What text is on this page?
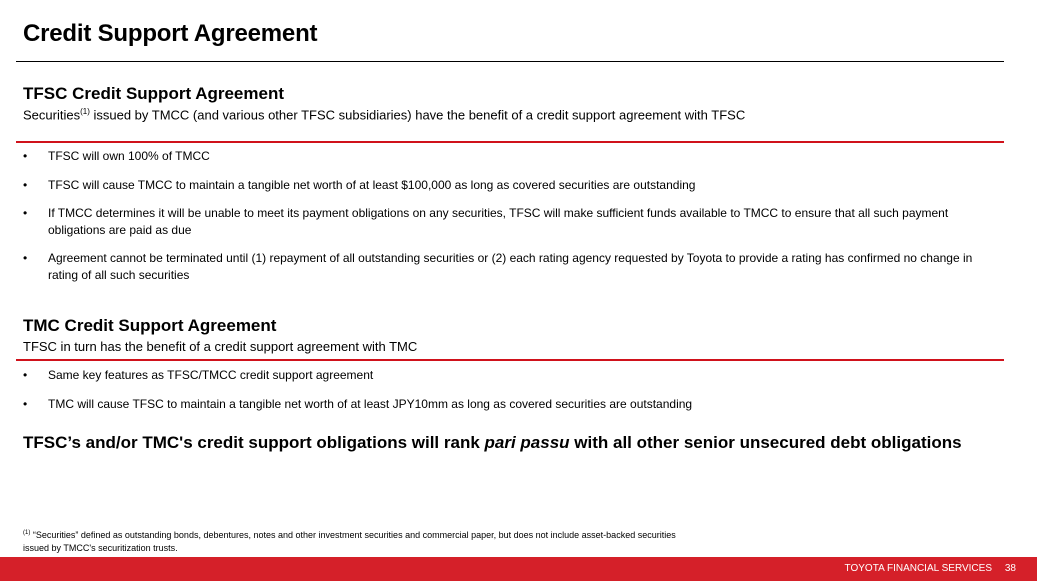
Credit Support Agreement
TFSC Credit Support Agreement
Securities$^{(1)}$ issued by TMCC (and various other TFSC subsidiaries) have the benefit of a credit support agreement with TFSC
• TFSC will own 100% of TMCC
• TFSC will cause TMCC to maintain a tangible net worth of at least $100,000 as long as covered securities are outstanding
• If TMCC determines it will be unable to meet its payment obligations on any securities, TFSC will make sufficient funds available to TMCC to ensure that all such payment obligations are paid as due
• Agreement cannot be terminated until (1) repayment of all outstanding securities or (2) each rating agency requested by Toyota to provide a rating has confirmed no change in rating of all such securities
TMC Credit Support Agreement
TFSC in turn has the benefit of a credit support agreement with TMC
• Same key features as TFSC/TMCC credit support agreement
• TMC will cause TFSC to maintain a tangible net worth of at least JPY10mm as long as covered securities are outstanding
TFSC’s and/or TMC's credit support obligations will rank pari passu with all other senior unsecured debt obligations
$^{(1)}$ “Securities” defined as outstanding bonds, debentures, notes and other investment securities and commercial paper, but does not include asset-backed securities issued by TMCC's securitization trusts.
TOYOTA FINANCIAL SERVICES 38
